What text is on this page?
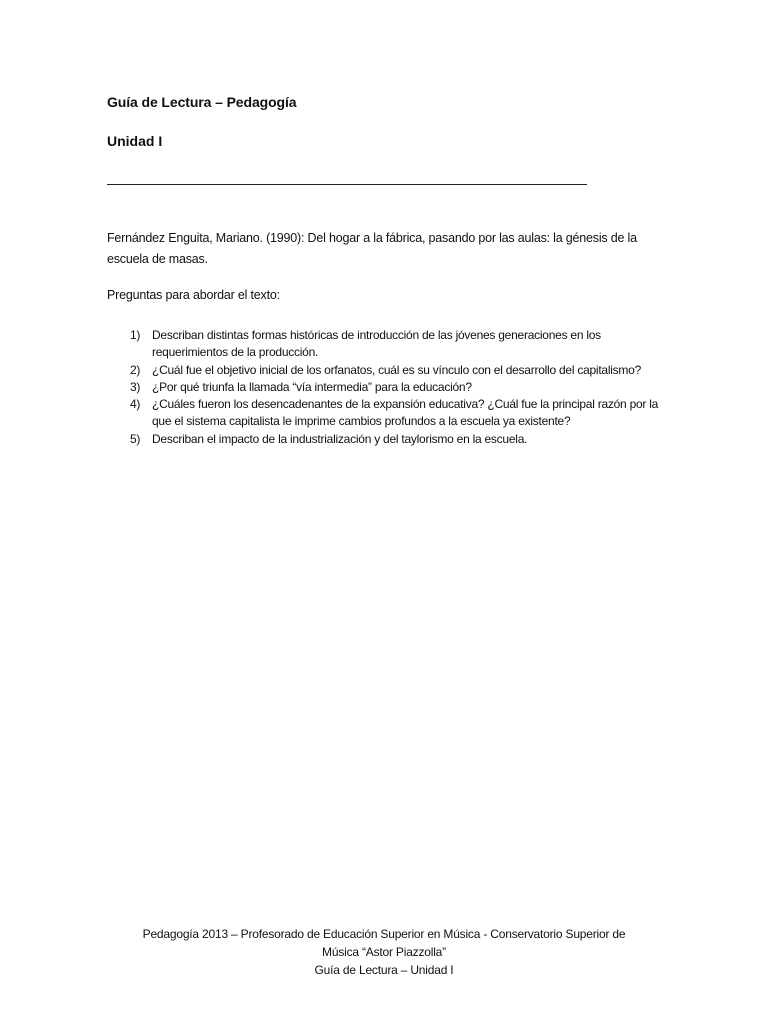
Guía de Lectura – Pedagogía
Unidad I
Fernández Enguita, Mariano. (1990): Del hogar a la fábrica, pasando por las aulas: la génesis de la escuela de masas.
Preguntas para abordar el texto:
1) Describan distintas formas históricas de introducción de las jóvenes generaciones en los requerimientos de la producción.
2) ¿Cuál fue el objetivo inicial de los orfanatos, cuál es su vínculo con el desarrollo del capitalismo?
3) ¿Por qué triunfa la llamada “vía intermedia” para la educación?
4) ¿Cuáles fueron los desencadenantes de la expansión educativa? ¿Cuál fue la principal razón por la que el sistema capitalista le imprime cambios profundos a la escuela ya existente?
5) Describan el impacto de la industrialización y del taylorismo en la escuela.
Pedagogía 2013 – Profesorado de Educación Superior en Música - Conservatorio Superior de
Música “Astor Piazzolla”
Guía de Lectura – Unidad I
